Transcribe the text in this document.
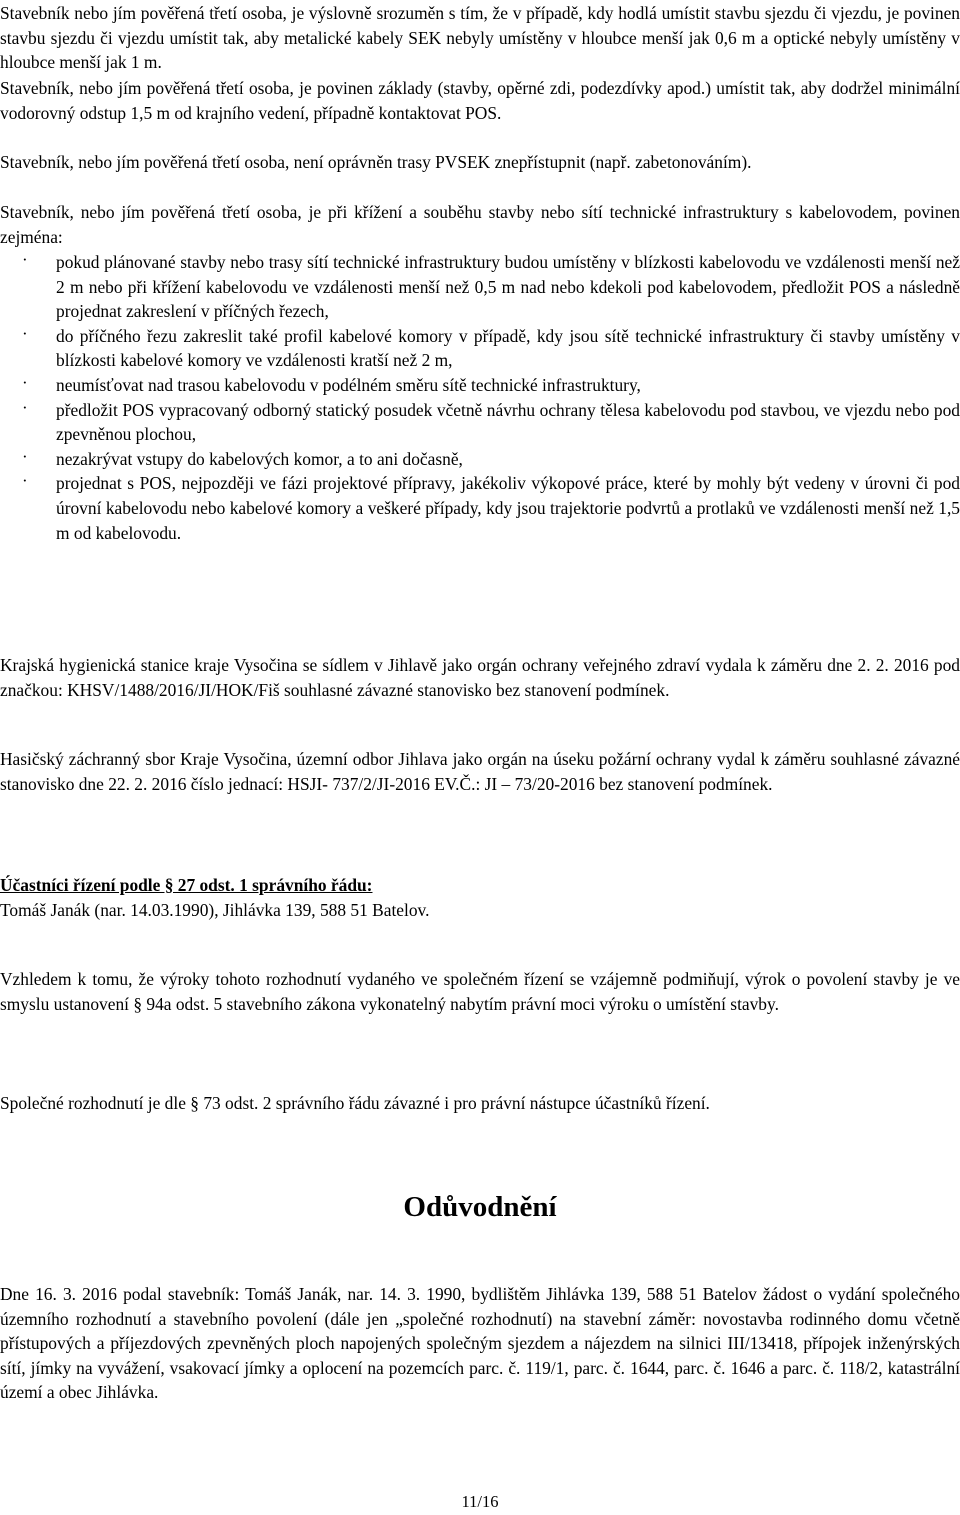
Stavebník nebo jím pověřená třetí osoba, je výslovně srozuměn s tím, že v případě, kdy hodlá umístit stavbu sjezdu či vjezdu, je povinen stavbu sjezdu či vjezdu umístit tak, aby metalické kabely SEK nebyly umístěny v hloubce menší jak 0,6 m a optické nebyly umístěny v hloubce menší jak 1 m.

Stavebník, nebo jím pověřená třetí osoba, je povinen základy (stavby, opěrné zdi, podezdívky apod.) umístit tak, aby dodržel minimální vodorovný odstup 1,5 m od krajního vedení, případně kontaktovat POS.

Stavebník, nebo jím pověřená třetí osoba, není oprávněn trasy PVSEK znepřístupnit (např. zabetonováním).

Stavebník, nebo jím pověřená třetí osoba, je při křížení a souběhu stavby nebo sítí technické infrastruktury s kabelovodem, povinen zejména:

· pokud plánované stavby nebo trasy sítí technické infrastruktury budou umístěny v blízkosti kabelovodu ve vzdálenosti menší než 2 m nebo při křížení kabelovodu ve vzdálenosti menší než 0,5 m nad nebo kdekoli pod kabelovodem, předložit POS a následně projednat zakreslení v příčných řezech,
· do příčného řezu zakreslit také profil kabelové komory v případě, kdy jsou sítě technické infrastruktury či stavby umístěny v blízkosti kabelové komory ve vzdálenosti kratší než 2 m,
· neumísťovat nad trasou kabelovodu v podélném směru sítě technické infrastruktury,
· předložit POS vypracovaný odborný statický posudek včetně návrhu ochrany tělesa kabelovodu pod stavbou, ve vjezdu nebo pod zpevněnou plochou,
· nezakrývat vstupy do kabelových komor, a to ani dočasně,
· projednat s POS, nejpozději ve fázi projektové přípravy, jakékoliv výkopové práce, které by mohly být vedeny v úrovni či pod úrovní kabelovodu nebo kabelové komory a veškeré případy, kdy jsou trajektorie podvrtů a protlaků ve vzdálenosti menší než 1,5 m od kabelovodu.

Krajská hygienická stanice kraje Vysočina se sídlem v Jihlavě jako orgán ochrany veřejného zdraví vydala k záměru dne 2. 2. 2016 pod značkou: KHSV/1488/2016/JI/HOK/Fiš souhlasné závazné stanovisko bez stanovení podmínek.

Hasičský záchranný sbor Kraje Vysočina, územní odbor Jihlava jako orgán na úseku požární ochrany vydal k záměru souhlasné závazné stanovisko dne 22. 2. 2016 číslo jednací: HSJI- 737/2/JI-2016 EV.Č.: JI – 73/20-2016 bez stanovení podmínek.

Účastníci řízení podle § 27 odst. 1 správního řádu:

Tomáš Janák (nar. 14.03.1990), Jihlávka 139, 588 51 Batelov.

Vzhledem k tomu, že výroky tohoto rozhodnutí vydaného ve společném řízení se vzájemně podmiňují, výrok o povolení stavby je ve smyslu ustanovení § 94a odst. 5 stavebního zákona vykonatelný nabytím právní moci výroku o umístění stavby.

Společné rozhodnutí je dle § 73 odst. 2 správního řádu závazné i pro právní nástupce účastníků řízení.

Odůvodnění

Dne 16. 3. 2016 podal stavebník: Tomáš Janák, nar. 14. 3. 1990, bydlištěm Jihlávka 139, 588 51 Batelov žádost o vydání společného územního rozhodnutí a stavebního povolení (dále jen „společné rozhodnutí) na stavební záměr: novostavba rodinného domu včetně přístupových a příjezdových zpevněných ploch napojených společným sjezdem a nájezdem na silnici III/13418, přípojek inženýrských sítí, jímky na vyvážení, vsakovací jímky a oplocení na pozemcích parc. č. 119/1, parc. č. 1644, parc. č. 1646 a parc. č. 118/2, katastrální území a obec Jihlávka.

11/16
